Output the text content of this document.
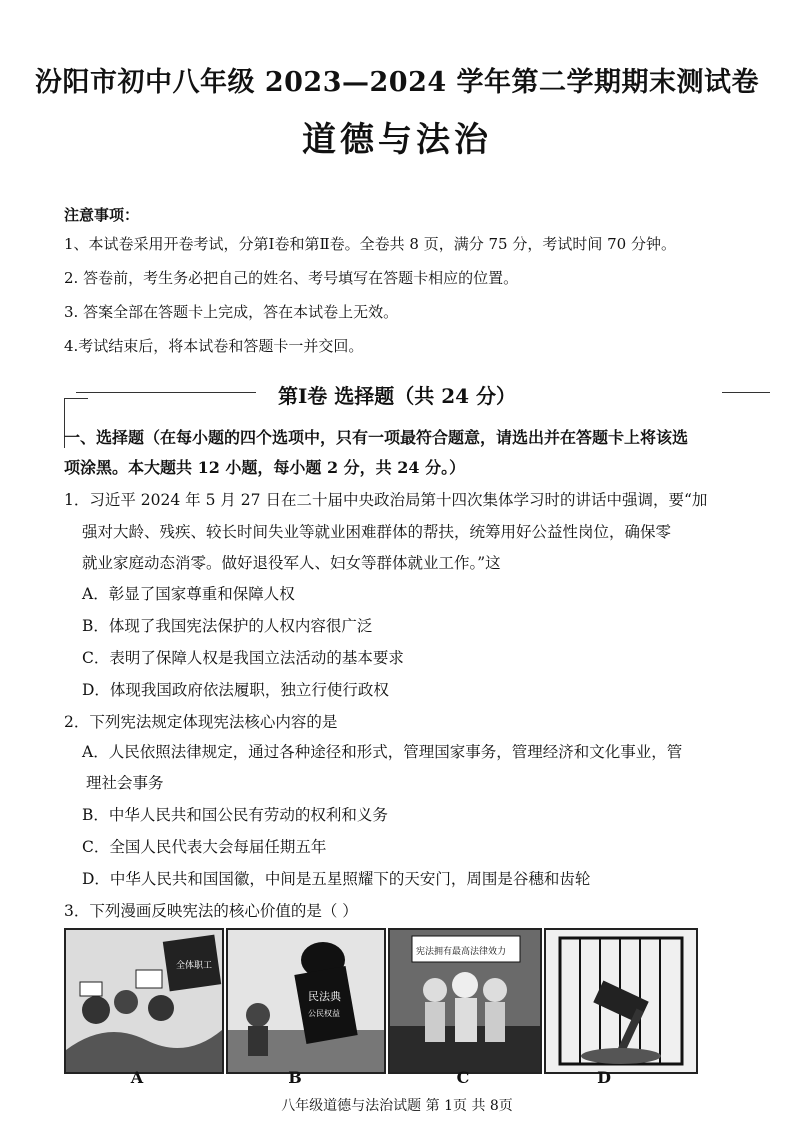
汾阳市初中八年级 2023—2024 学年第二学期期末测试卷
道德与法治
注意事项：
1、本试卷采用开卷考试，分第Ⅰ卷和第Ⅱ卷。全卷共 8 页，满分 75 分，考试时间 70 分钟。
2. 答卷前，考生务必把自己的姓名、考号填写在答题卡相应的位置。
3. 答案全部在答题卡上完成，答在本试卷上无效。
4.考试结束后，将本试卷和答题卡一并交回。
第Ⅰ卷 选择题（共 24 分）
一、选择题（在每小题的四个选项中，只有一项最符合题意，请选出并在答题卡上将该选
项涂黑。本大题共 12 小题，每小题 2 分，共 24 分。）
1．习近平 2024 年 5 月 27 日在二十届中央政治局第十四次集体学习时的讲话中强调，要“加
强对大龄、残疾、较长时间失业等就业困难群体的帮扶，统筹用好公益性岗位，确保零
就业家庭动态消零。做好退役军人、妇女等群体就业工作。”这
A．彰显了国家尊重和保障人权
B．体现了我国宪法保护的人权内容很广泛
C．表明了保障人权是我国立法活动的基本要求
D．体现我国政府依法履职，独立行使行政权
2．下列宪法规定体现宪法核心内容的是
A．人民依照法律规定，通过各种途径和形式，管理国家事务，管理经济和文化事业，管
理社会事务
B．中华人民共和国公民有劳动的权利和义务
C．全国人民代表大会每届任期五年
D．中华人民共和国国徽，中间是五星照耀下的天安门，周围是谷穗和齿轮
3．下列漫画反映宪法的核心价值的是（ ）
全体职工
民法典
公民权益
宪法拥有最高法律效力
A	B	C	D
八年级道德与法治试题 第 1页 共 8页
